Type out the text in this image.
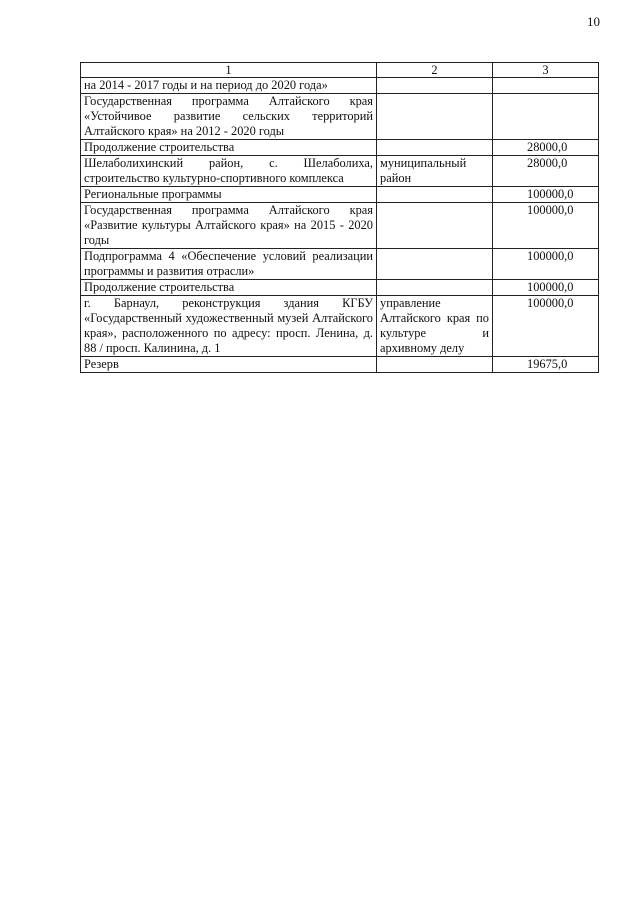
10
1	2	3
на 2014 - 2017 годы и на период до 2020 года»		
Государственная программа Алтайского края «Устойчивое развитие сельских территорий Алтайского края» на 2012 - 2020 годы		
Продолжение строительства		28000,0
Шелаболихинский район, с. Шелаболиха, строительство культурно-спортивного комплекса	муниципальный район	28000,0
Региональные программы		100000,0
Государственная программа Алтайского края «Развитие культуры Алтайского края» на 2015 - 2020 годы		100000,0
Подпрограмма 4 «Обеспечение условий реализации программы и развития отрасли»		100000,0
Продолжение строительства		100000,0
г. Барнаул, реконструкция здания КГБУ «Государственный художественный музей Алтайского края», расположенного по адресу: просп. Ленина, д. 88 / просп. Калинина, д. 1	управление Алтайского края по культуре и архивному делу	100000,0
Резерв		19675,0
